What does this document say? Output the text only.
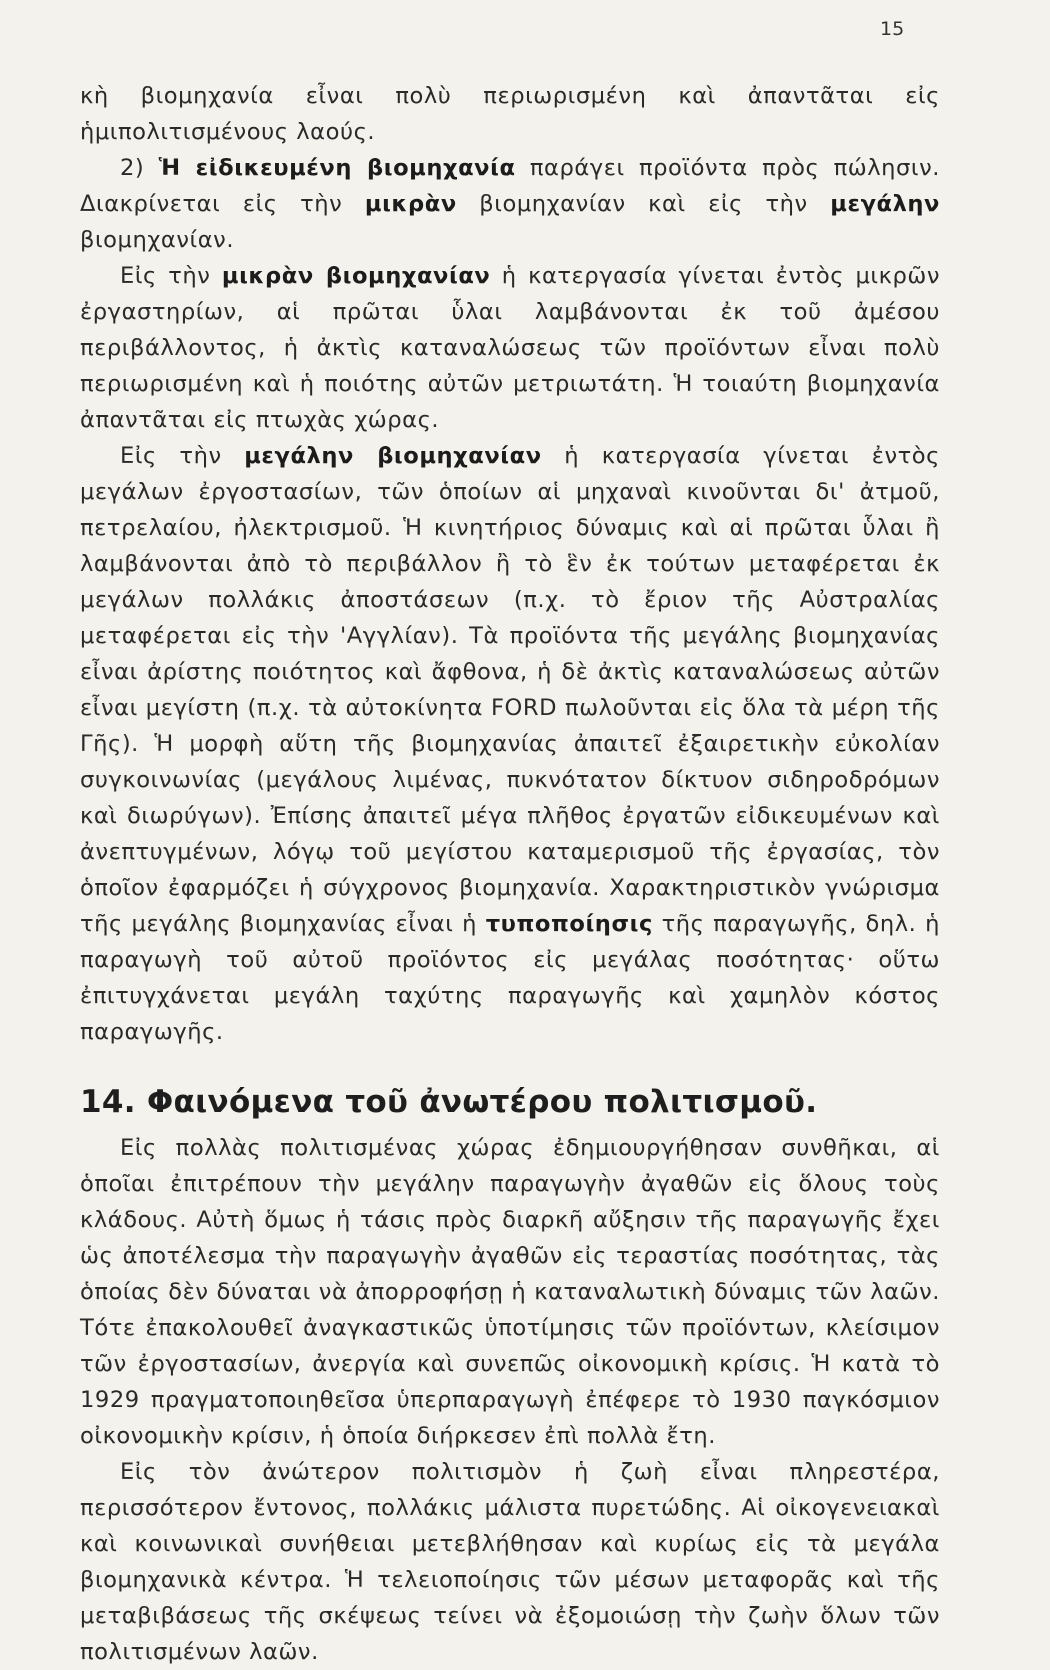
15

κὴ βιομηχανία εἶναι πολὺ περιωρισμένη καὶ ἀπαντᾶται εἰς ἡμιπολιτισμένους λαούς.

2) Ἡ εἰδικευμένη βιομηχανία παράγει προϊόντα πρὸς πώλησιν. Διακρίνεται εἰς τὴν μικρὰν βιομηχανίαν καὶ εἰς τὴν μεγάλην βιομηχανίαν.

Εἰς τὴν μικρὰν βιομηχανίαν ἡ κατεργασία γίνεται ἐντὸς μικρῶν ἐργαστηρίων, αἱ πρῶται ὗλαι λαμβάνονται ἐκ τοῦ ἀμέσου περιβάλλοντος, ἡ ἀκτὶς καταναλώσεως τῶν προϊόντων εἶναι πολὺ περιωρισμένη καὶ ἡ ποιότης αὐτῶν μετριωτάτη. Ἡ τοιαύτη βιομηχανία ἀπαντᾶται εἰς πτωχὰς χώρας.

Εἰς τὴν μεγάλην βιομηχανίαν ἡ κατεργασία γίνεται ἐντὸς μεγάλων ἐργοστασίων, τῶν ὁποίων αἱ μηχαναὶ κινοῦνται δι' ἀτμοῦ, πετρελαίου, ἠλεκτρισμοῦ. Ἡ κινητήριος δύναμις καὶ αἱ πρῶται ὗλαι ἢ λαμβάνονται ἀπὸ τὸ περιβάλλον ἢ τὸ ἓν ἐκ τούτων μεταφέρεται ἐκ μεγάλων πολλάκις ἀποστάσεων (π.χ. τὸ ἔριον τῆς Αὐστραλίας μεταφέρεται εἰς τὴν 'Αγγλίαν). Τὰ προϊόντα τῆς μεγάλης βιομηχανίας εἶναι ἀρίστης ποιότητος καὶ ἄφθονα, ἡ δὲ ἀκτὶς καταναλώσεως αὐτῶν εἶναι μεγίστη (π.χ. τὰ αὐτοκίνητα FORD πωλοῦνται εἰς ὅλα τὰ μέρη τῆς Γῆς). Ἡ μορφὴ αὕτη τῆς βιομηχανίας ἀπαιτεῖ ἐξαιρετικὴν εὐκολίαν συγκοινωνίας (μεγάλους λιμένας, πυκνότατον δίκτυον σιδηροδρόμων καὶ διωρύγων). Ἐπίσης ἀπαιτεῖ μέγα πλῆθος ἐργατῶν εἰδικευμένων καὶ ἀνεπτυγμένων, λόγῳ τοῦ μεγίστου καταμερισμοῦ τῆς ἐργασίας, τὸν ὁποῖον ἐφαρμόζει ἡ σύγχρονος βιομηχανία. Χαρακτηριστικὸν γνώρισμα τῆς μεγάλης βιομηχανίας εἶναι ἡ τυποποίησις τῆς παραγωγῆς, δηλ. ἡ παραγωγὴ τοῦ αὐτοῦ προϊόντος εἰς μεγάλας ποσότητας· οὕτω ἐπιτυγχάνεται μεγάλη ταχύτης παραγωγῆς καὶ χαμηλὸν κόστος παραγωγῆς.

14. Φαινόμενα τοῦ ἀνωτέρου πολιτισμοῦ.

Εἰς πολλὰς πολιτισμένας χώρας ἐδημιουργήθησαν συνθῆκαι, αἱ ὁποῖαι ἐπιτρέπουν τὴν μεγάλην παραγωγὴν ἀγαθῶν εἰς ὅλους τοὺς κλάδους. Αὐτὴ ὅμως ἡ τάσις πρὸς διαρκῆ αὔξησιν τῆς παραγωγῆς ἔχει ὡς ἀποτέλεσμα τὴν παραγωγὴν ἀγαθῶν εἰς τεραστίας ποσότητας, τὰς ὁποίας δὲν δύναται νὰ ἀπορροφήσῃ ἡ καταναλωτικὴ δύναμις τῶν λαῶν. Τότε ἐπακολουθεῖ ἀναγκαστικῶς ὑποτίμησις τῶν προϊόντων, κλείσιμον τῶν ἐργοστασίων, ἀνεργία καὶ συνεπῶς οἰκονομικὴ κρίσις. Ἡ κατὰ τὸ 1929 πραγματοποιηθεῖσα ὑπερπαραγωγὴ ἐπέφερε τὸ 1930 παγκόσμιον οἰκονομικὴν κρίσιν, ἡ ὁποία διήρκεσεν ἐπὶ πολλὰ ἔτη.

Εἰς τὸν ἀνώτερον πολιτισμὸν ἡ ζωὴ εἶναι πληρεστέρα, περισσότερον ἔντονος, πολλάκις μάλιστα πυρετώδης. Αἱ οἰκογενειακαὶ καὶ κοινωνικαὶ συνήθειαι μετεβλήθησαν καὶ κυρίως εἰς τὰ μεγάλα βιομηχανικὰ κέντρα. Ἡ τελειοποίησις τῶν μέσων μεταφορᾶς καὶ τῆς μεταβιβάσεως τῆς σκέψεως τείνει νὰ ἐξομοιώσῃ τὴν ζωὴν ὅλων τῶν πολιτισμένων λαῶν.
